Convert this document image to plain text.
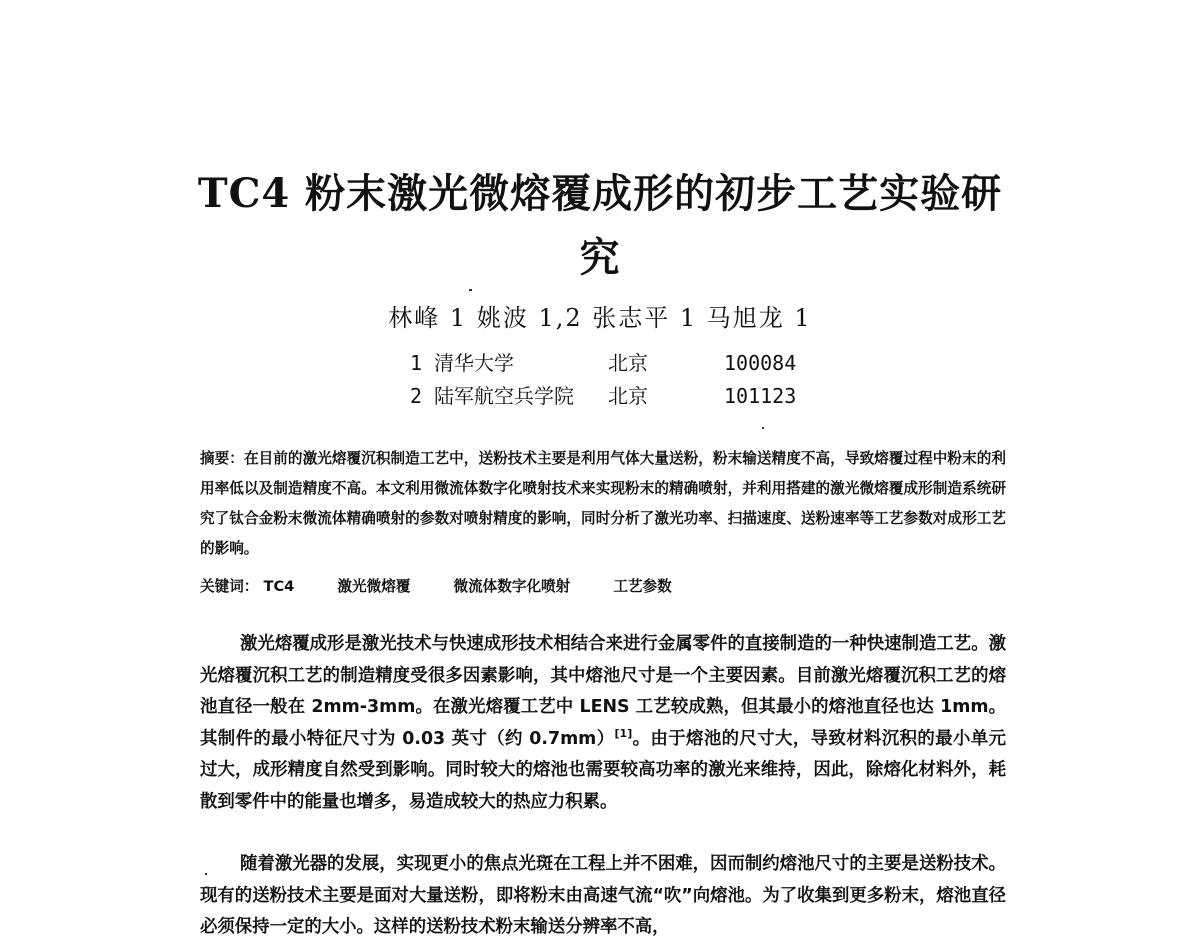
TC4 粉末激光微熔覆成形的初步工艺实验研
究
林峰 1 姚波 1,2 张志平 1 马旭龙 1
1 清华大学	北京	100084
2 陆军航空兵学院 北京	101123

摘要：在目前的激光熔覆沉积制造工艺中，送粉技术主要是利用气体大量送粉，粉末输送精度不高，导致熔覆过程中粉末的利用率低以及制造精度不高。本文利用微流体数字化喷射技术来实现粉末的精确喷射，并利用搭建的激光微熔覆成形制造系统研究了钛合金粉末微流体精确喷射的参数对喷射精度的影响，同时分析了激光功率、扫描速度、送粉速率等工艺参数对成形工艺的影响。

关键词： TC4	激光微熔覆	微流体数字化喷射	工艺参数

激光熔覆成形是激光技术与快速成形技术相结合来进行金属零件的直接制造的一种快速制造工艺。激光熔覆沉积工艺的制造精度受很多因素影响，其中熔池尺寸是一个主要因素。目前激光熔覆沉积工艺的熔池直径一般在 2mm-3mm。在激光熔覆工艺中 LENS 工艺较成熟，但其最小的熔池直径也达 1mm。其制件的最小特征尺寸为 0.03 英寸（约 0.7mm）[1]。由于熔池的尺寸大，导致材料沉积的最小单元过大，成形精度自然受到影响。同时较大的熔池也需要较高功率的激光来维持，因此，除熔化材料外，耗散到零件中的能量也增多，易造成较大的热应力积累。

随着激光器的发展，实现更小的焦点光斑在工程上并不困难，因而制约熔池尺寸的主要是送粉技术。现有的送粉技术主要是面对大量送粉，即将粉末由高速气流“吹”向熔池。为了收集到更多粉末，熔池直径必须保持一定的大小。这样的送粉技术粉末输送分辨率不高，
